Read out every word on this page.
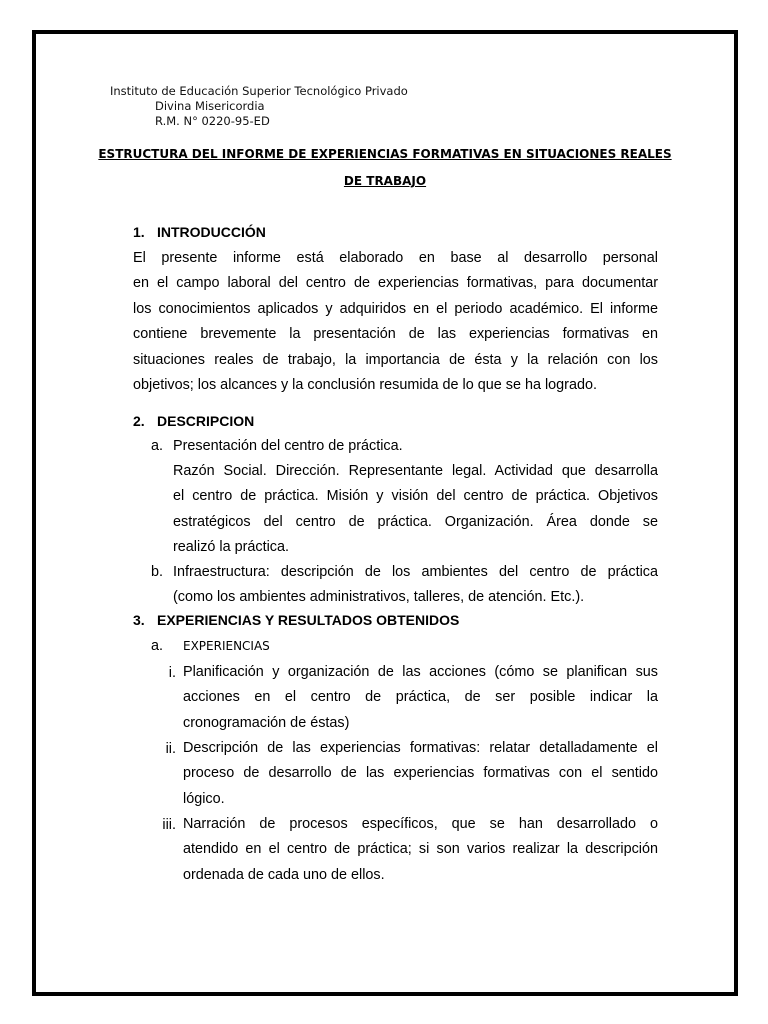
Instituto de Educación Superior Tecnológico Privado
Divina Misericordia
R.M. N° 0220-95-ED
ESTRUCTURA DEL INFORME DE EXPERIENCIAS FORMATIVAS EN SITUACIONES REALES
DE TRABAJO
1. INTRODUCCIÓN
El presente informe está elaborado en base al desarrollo personal
en el campo laboral del centro de experiencias formativas, para documentar
los conocimientos aplicados y adquiridos en el periodo académico. El informe
contiene brevemente la presentación de las experiencias formativas en
situaciones reales de trabajo, la importancia de ésta y la relación con los
objetivos; los alcances y la conclusión resumida de lo que se ha logrado.
2. DESCRIPCION
a. Presentación del centro de práctica.
Razón Social. Dirección. Representante legal. Actividad que desarrolla
el centro de práctica. Misión y visión del centro de práctica. Objetivos
estratégicos del centro de práctica. Organización. Área donde se
realizó la práctica.
b. Infraestructura: descripción de los ambientes del centro de práctica
(como los ambientes administrativos, talleres, de atención. Etc.).
3. EXPERIENCIAS Y RESULTADOS OBTENIDOS
a. EXPERIENCIAS
i. Planificación y organización de las acciones (cómo se planifican sus
acciones en el centro de práctica, de ser posible indicar la
cronogramación de éstas)
ii. Descripción de las experiencias formativas: relatar detalladamente el
proceso de desarrollo de las experiencias formativas con el sentido
lógico.
iii. Narración de procesos específicos, que se han desarrollado o
atendido en el centro de práctica; si son varios realizar la descripción
ordenada de cada uno de ellos.
